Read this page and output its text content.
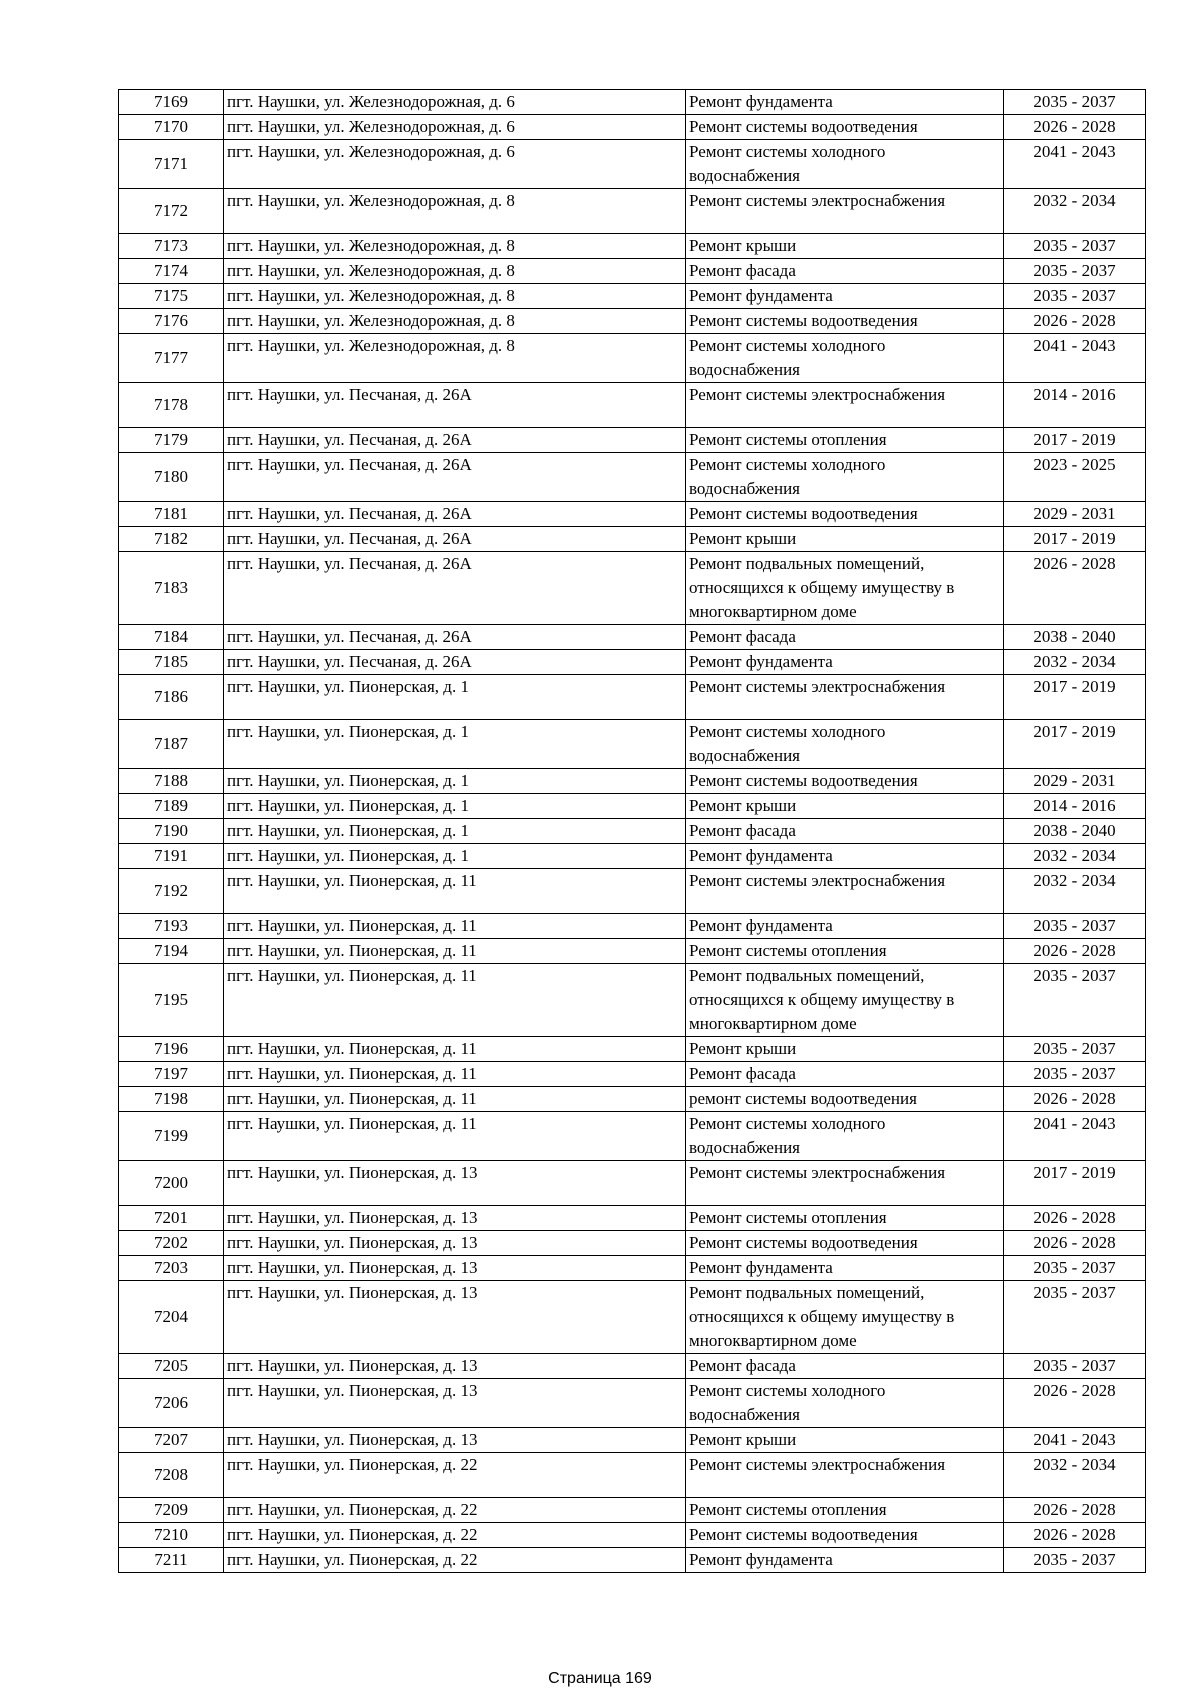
7169	пгт. Наушки, ул. Железнодорожная, д. 6	Ремонт фундамента	2035 - 2037
7170	пгт. Наушки, ул. Железнодорожная, д. 6	Ремонт системы водоотведения	2026 - 2028
7171	пгт. Наушки, ул. Железнодорожная, д. 6	Ремонт системы холодного водоснабжения	2041 - 2043
7172	пгт. Наушки, ул. Железнодорожная, д. 8	Ремонт системы электроснабжения	2032 - 2034
7173	пгт. Наушки, ул. Железнодорожная, д. 8	Ремонт крыши	2035 - 2037
7174	пгт. Наушки, ул. Железнодорожная, д. 8	Ремонт фасада	2035 - 2037
7175	пгт. Наушки, ул. Железнодорожная, д. 8	Ремонт фундамента	2035 - 2037
7176	пгт. Наушки, ул. Железнодорожная, д. 8	Ремонт системы водоотведения	2026 - 2028
7177	пгт. Наушки, ул. Железнодорожная, д. 8	Ремонт системы холодного водоснабжения	2041 - 2043
7178	пгт. Наушки, ул. Песчаная, д. 26А	Ремонт системы электроснабжения	2014 - 2016
7179	пгт. Наушки, ул. Песчаная, д. 26А	Ремонт системы отопления	2017 - 2019
7180	пгт. Наушки, ул. Песчаная, д. 26А	Ремонт системы холодного водоснабжения	2023 - 2025
7181	пгт. Наушки, ул. Песчаная, д. 26А	Ремонт системы водоотведения	2029 - 2031
7182	пгт. Наушки, ул. Песчаная, д. 26А	Ремонт крыши	2017 - 2019
7183	пгт. Наушки, ул. Песчаная, д. 26А	Ремонт подвальных помещений, относящихся к общему имуществу в многоквартирном доме	2026 - 2028
7184	пгт. Наушки, ул. Песчаная, д. 26А	Ремонт фасада	2038 - 2040
7185	пгт. Наушки, ул. Песчаная, д. 26А	Ремонт фундамента	2032 - 2034
7186	пгт. Наушки, ул. Пионерская, д. 1	Ремонт системы электроснабжения	2017 - 2019
7187	пгт. Наушки, ул. Пионерская, д. 1	Ремонт системы холодного водоснабжения	2017 - 2019
7188	пгт. Наушки, ул. Пионерская, д. 1	Ремонт системы водоотведения	2029 - 2031
7189	пгт. Наушки, ул. Пионерская, д. 1	Ремонт крыши	2014 - 2016
7190	пгт. Наушки, ул. Пионерская, д. 1	Ремонт фасада	2038 - 2040
7191	пгт. Наушки, ул. Пионерская, д. 1	Ремонт фундамента	2032 - 2034
7192	пгт. Наушки, ул. Пионерская, д. 11	Ремонт системы электроснабжения	2032 - 2034
7193	пгт. Наушки, ул. Пионерская, д. 11	Ремонт фундамента	2035 - 2037
7194	пгт. Наушки, ул. Пионерская, д. 11	Ремонт системы отопления	2026 - 2028
7195	пгт. Наушки, ул. Пионерская, д. 11	Ремонт подвальных помещений, относящихся к общему имуществу в многоквартирном доме	2035 - 2037
7196	пгт. Наушки, ул. Пионерская, д. 11	Ремонт крыши	2035 - 2037
7197	пгт. Наушки, ул. Пионерская, д. 11	Ремонт фасада	2035 - 2037
7198	пгт. Наушки, ул. Пионерская, д. 11	ремонт системы водоотведения	2026 - 2028
7199	пгт. Наушки, ул. Пионерская, д. 11	Ремонт системы холодного водоснабжения	2041 - 2043
7200	пгт. Наушки, ул. Пионерская, д. 13	Ремонт системы электроснабжения	2017 - 2019
7201	пгт. Наушки, ул. Пионерская, д. 13	Ремонт системы отопления	2026 - 2028
7202	пгт. Наушки, ул. Пионерская, д. 13	Ремонт системы водоотведения	2026 - 2028
7203	пгт. Наушки, ул. Пионерская, д. 13	Ремонт фундамента	2035 - 2037
7204	пгт. Наушки, ул. Пионерская, д. 13	Ремонт подвальных помещений, относящихся к общему имуществу в многоквартирном доме	2035 - 2037
7205	пгт. Наушки, ул. Пионерская, д. 13	Ремонт фасада	2035 - 2037
7206	пгт. Наушки, ул. Пионерская, д. 13	Ремонт системы холодного водоснабжения	2026 - 2028
7207	пгт. Наушки, ул. Пионерская, д. 13	Ремонт крыши	2041 - 2043
7208	пгт. Наушки, ул. Пионерская, д. 22	Ремонт системы электроснабжения	2032 - 2034
7209	пгт. Наушки, ул. Пионерская, д. 22	Ремонт системы отопления	2026 - 2028
7210	пгт. Наушки, ул. Пионерская, д. 22	Ремонт системы водоотведения	2026 - 2028
7211	пгт. Наушки, ул. Пионерская, д. 22	Ремонт фундамента	2035 - 2037
Страница 169
